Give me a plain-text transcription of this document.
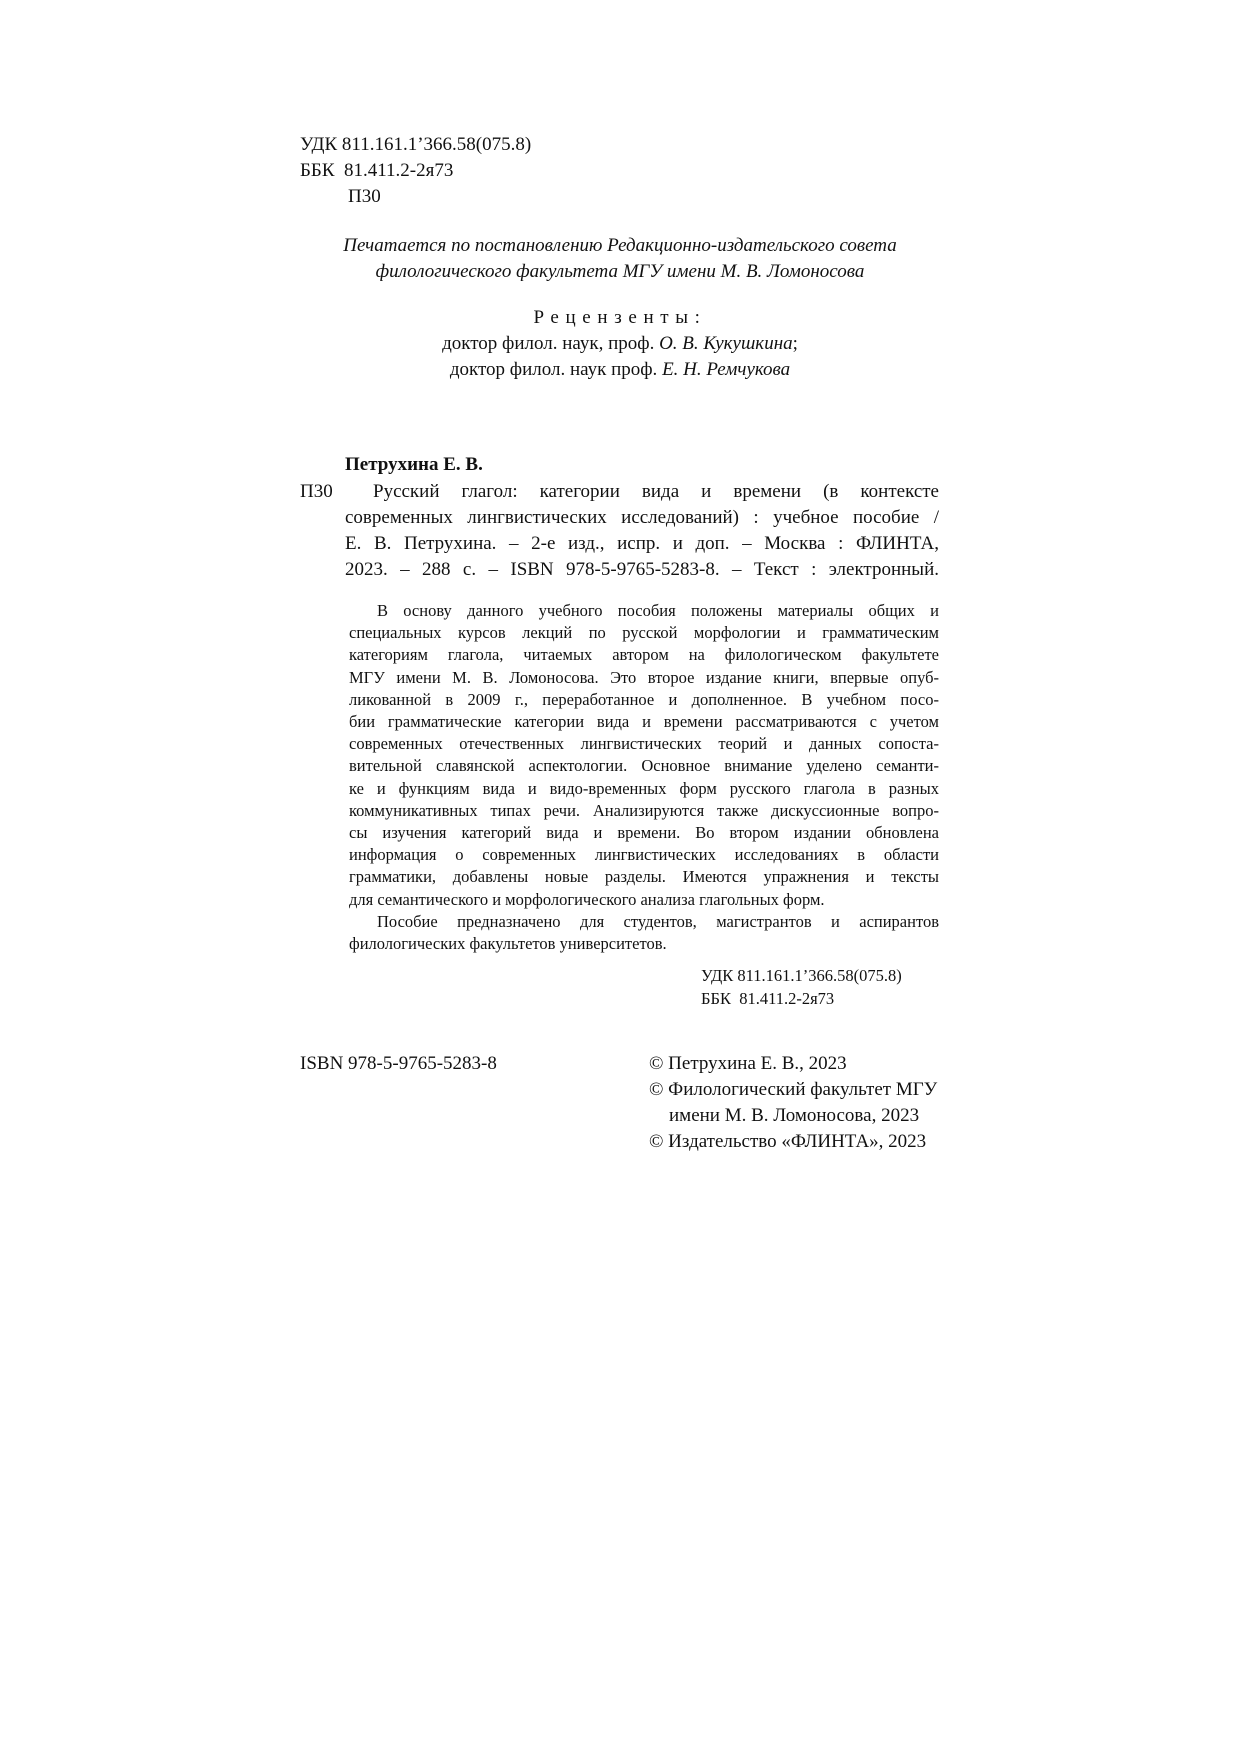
УДК 811.161.1’366.58(075.8)
ББК  81.411.2-2я73
П30
Печатается по постановлению Редакционно-издательского совета
филологического факультета МГУ имени М. В. Ломоносова
Рецензенты:
доктор филол. наук, проф. О. В. Кукушкина;
доктор филол. наук проф. Е. Н. Ремчукова
Петрухина Е. В.
П30 Русский глагол: категории вида и времени (в контексте
современных лингвистических исследований) : учебное пособие /
Е. В. Петрухина. – 2-е изд., испр. и доп. – Москва : ФЛИНТА,
2023. – 288 с. – ISBN 978-5-9765-5283-8. – Текст : электронный.
В основу данного учебного пособия положены материалы общих и
специальных курсов лекций по русской морфологии и грамматическим
категориям глагола, читаемых автором на филологическом факультете
МГУ имени М. В. Ломоносова. Это второе издание книги, впервые опуб-
ликованной в 2009 г., переработанное и дополненное. В учебном посо-
бии грамматические категории вида и времени рассматриваются с учетом
современных отечественных лингвистических теорий и данных сопоста-
вительной славянской аспектологии. Основное внимание уделено семанти-
ке и функциям вида и видо-временных форм русского глагола в разных
коммуникативных типах речи. Анализируются также дискуссионные вопро-
сы изучения категорий вида и времени. Во втором издании обновлена
информация о современных лингвистических исследованиях в области
грамматики, добавлены новые разделы. Имеются упражнения и тексты
для семантического и морфологического анализа глагольных форм.
Пособие предназначено для студентов, магистрантов и аспирантов
филологических факультетов университетов.
УДК 811.161.1’366.58(075.8)
ББК  81.411.2-2я73
ISBN 978-5-9765-5283-8	© Петрухина Е. В., 2023
© Филологический факультет МГУ
имени М. В. Ломоносова, 2023
© Издательство «ФЛИНТА», 2023
